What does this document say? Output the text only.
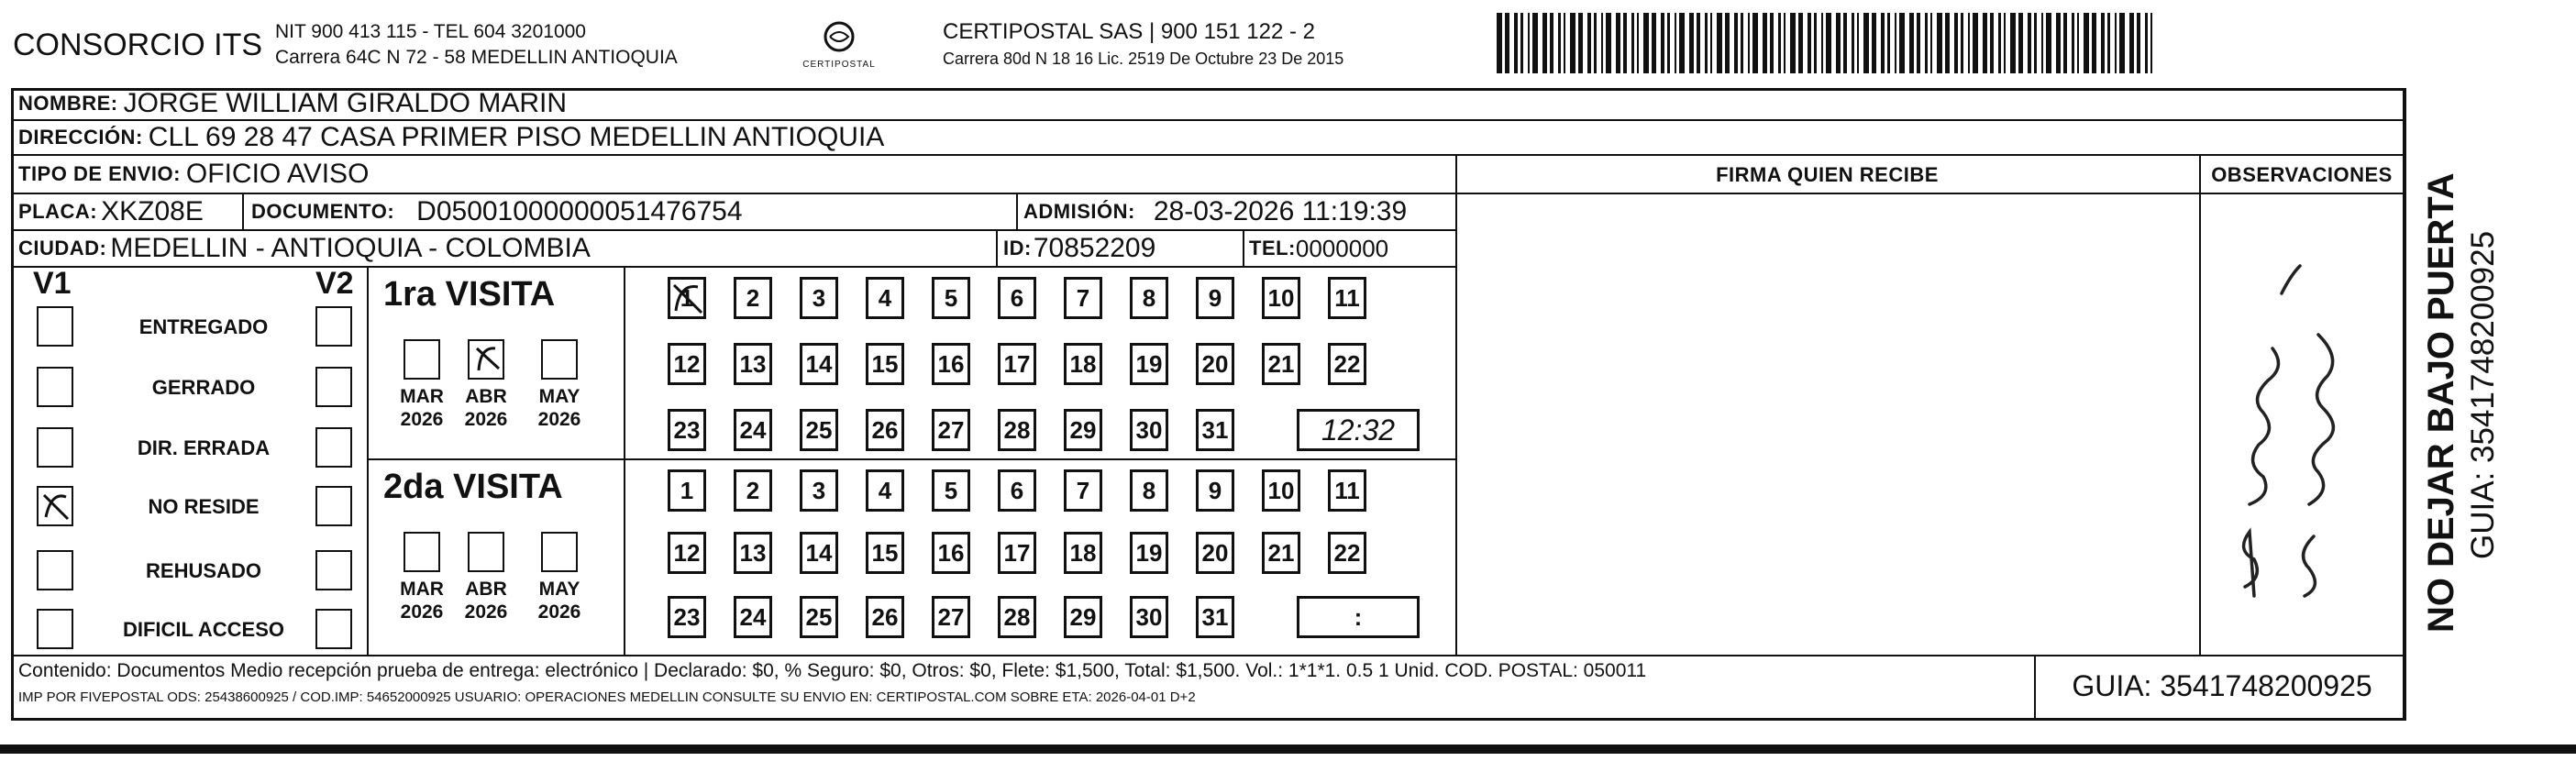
CONSORCIO ITS NIT 900 413 115 - TEL 604 3201000
Carrera 64C N 72 - 58 MEDELLIN ANTIOQUIA	CERTIPOSTAL
CERTIPOSTAL SAS | 900 151 122 - 2
Carrera 80d N 18 16 Lic. 2519 De Octubre 23 De 2015
NOMBRE: JORGE WILLIAM GIRALDO MARIN
DIRECCIÓN: CLL 69 28 47 CASA PRIMER PISO MEDELLIN ANTIOQUIA
TIPO DE ENVIO: OFICIO AVISO	FIRMA QUIEN RECIBE	OBSERVACIONES
PLACA: XKZ08E DOCUMENTO: D05001000000051476754	ADMISIÓN: 28-03-2026 11:19:39
CIUDAD: MEDELLIN - ANTIOQUIA - COLOMBIA	ID: 70852209	TEL: 0000000
V1	V2
ENTREGADO
GERRADO
DIR. ERRADA
NO RESIDE
REHUSADO
DIFICIL ACCESO
1ra VISITA
2da VISITA
MAR
2026
ABR
2026
MAY
2026
MAR
2026
ABR
2026
MAY
2026
1	2	3	4	5	6	7	8	9	10 11
12 13 14 15 16 17 18 19 20 21 22
23 24 25 26 27 28 29 30 31	12:32
1	2	3	4	5	6	7	8	9	10 11
12 13 14 15 16 17 18 19 20 21 22
23 24 25 26 27 28 29 30 31	:	NO DEJAR BAJO PUERTA GUIA: 3541748200925
Contenido: Documentos Medio recepción prueba de entrega: electrónico | Declarado: $0, % Seguro: $0, Otros: $0, Flete: $1,500, Total: $1,500. Vol.: 1*1*1. 0.5 1 Unid. COD. POSTAL: 050011
IMP POR FIVEPOSTAL ODS: 25438600925 / COD.IMP: 54652000925 USUARIO: OPERACIONES MEDELLIN CONSULTE SU ENVIO EN: CERTIPOSTAL.COM SOBRE ETA: 2026-04-01 D+2	GUIA: 3541748200925
